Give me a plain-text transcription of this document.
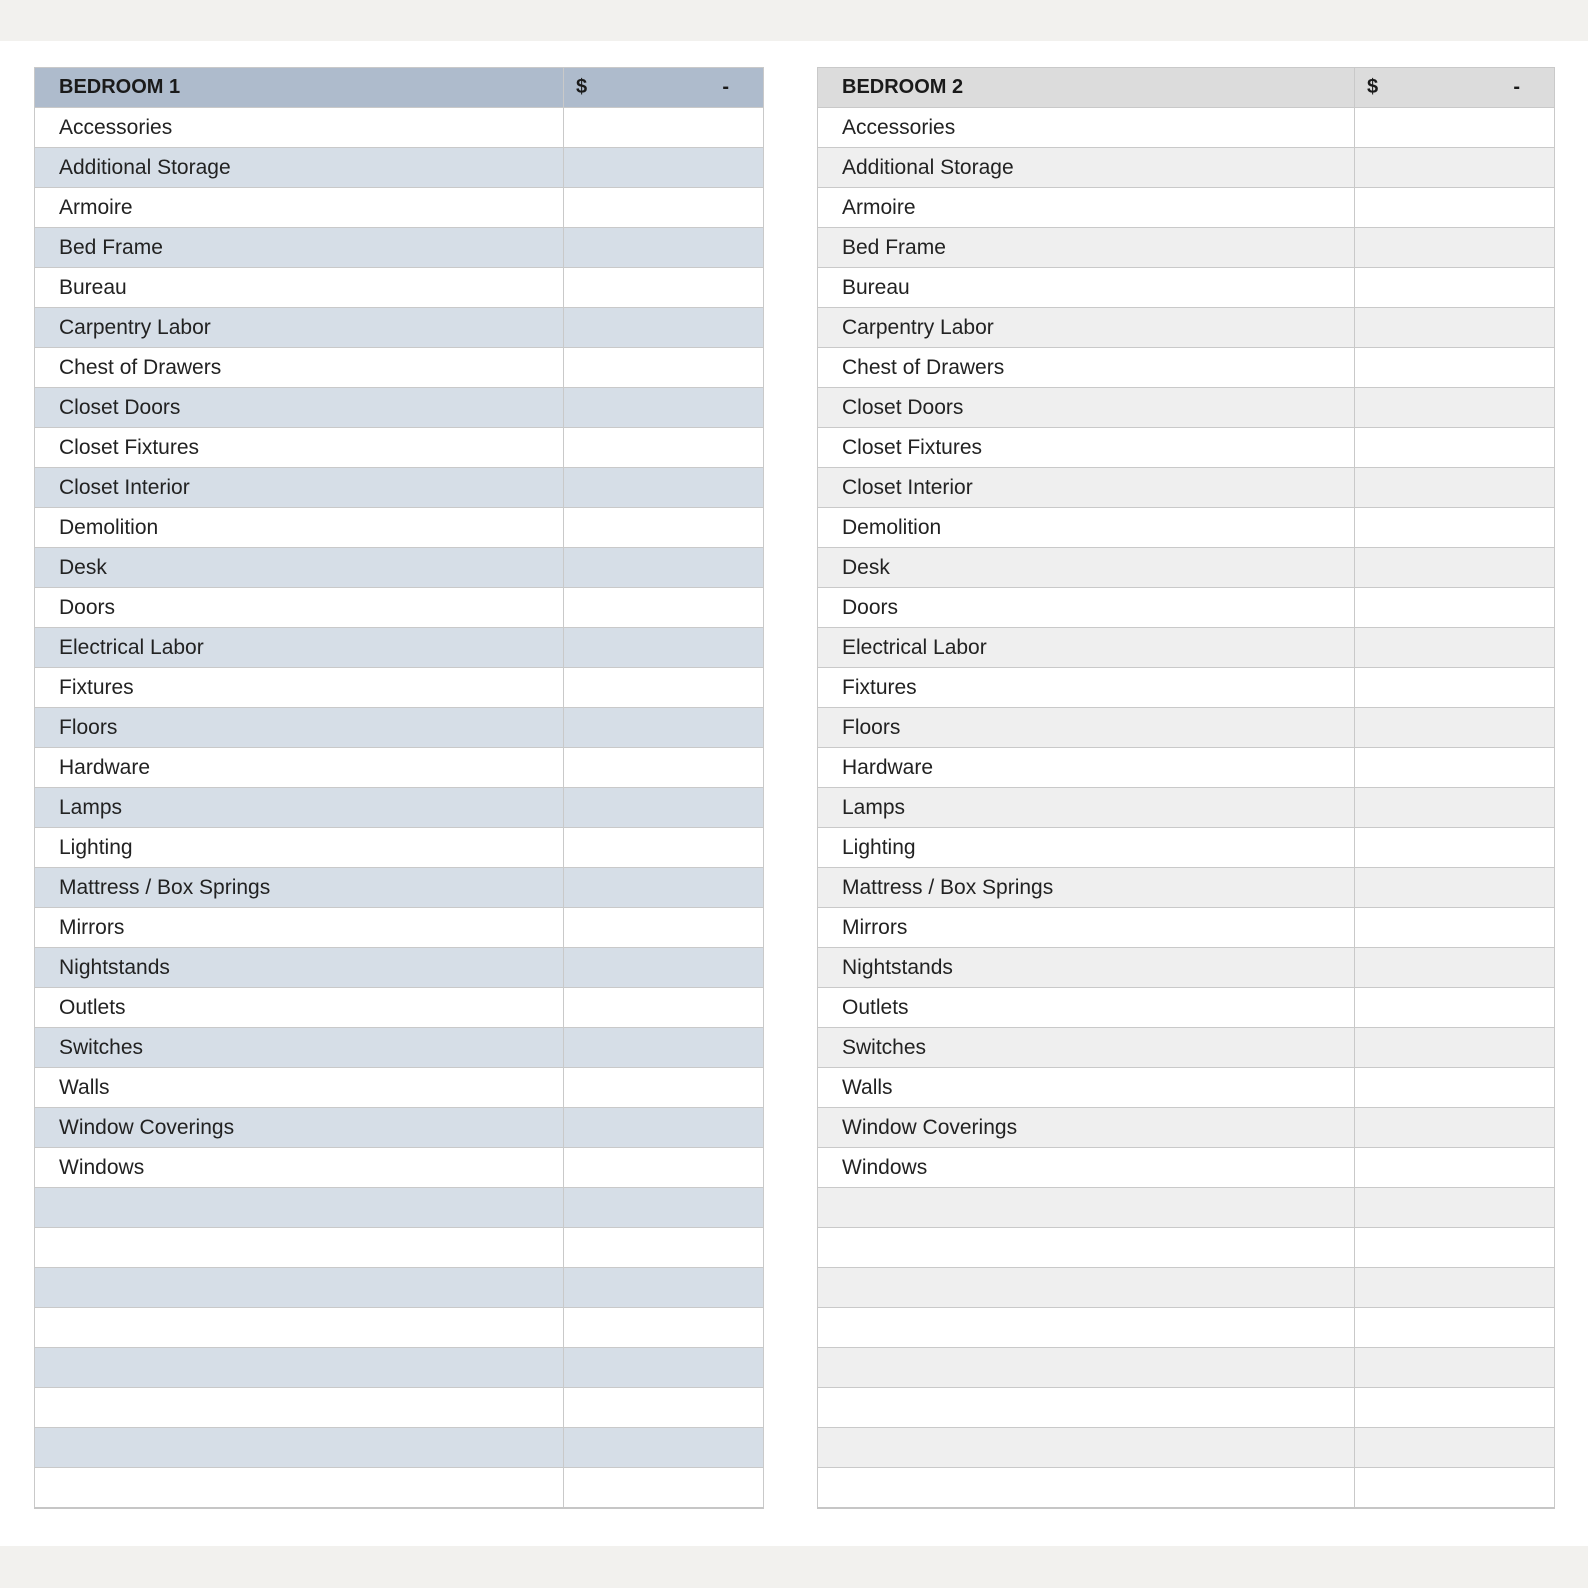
BEDROOM 1	$ -

Accessories	
Additional Storage	
Armoire	
Bed Frame	
Bureau	
Carpentry Labor	
Chest of Drawers	
Closet Doors	
Closet Fixtures	
Closet Interior	
Demolition	
Desk	
Doors	
Electrical Labor	
Fixtures	
Floors	
Hardware	
Lamps	
Lighting	
Mattress / Box Springs	
Mirrors	
Nightstands	
Outlets	
Switches	
Walls	
Window Coverings	
Windows	

BEDROOM 2	$ -

Accessories	
Additional Storage	
Armoire	
Bed Frame	
Bureau	
Carpentry Labor	
Chest of Drawers	
Closet Doors	
Closet Fixtures	
Closet Interior	
Demolition	
Desk	
Doors	
Electrical Labor	
Fixtures	
Floors	
Hardware	
Lamps	
Lighting	
Mattress / Box Springs	
Mirrors	
Nightstands	
Outlets	
Switches	
Walls	
Window Coverings	
Windows	
